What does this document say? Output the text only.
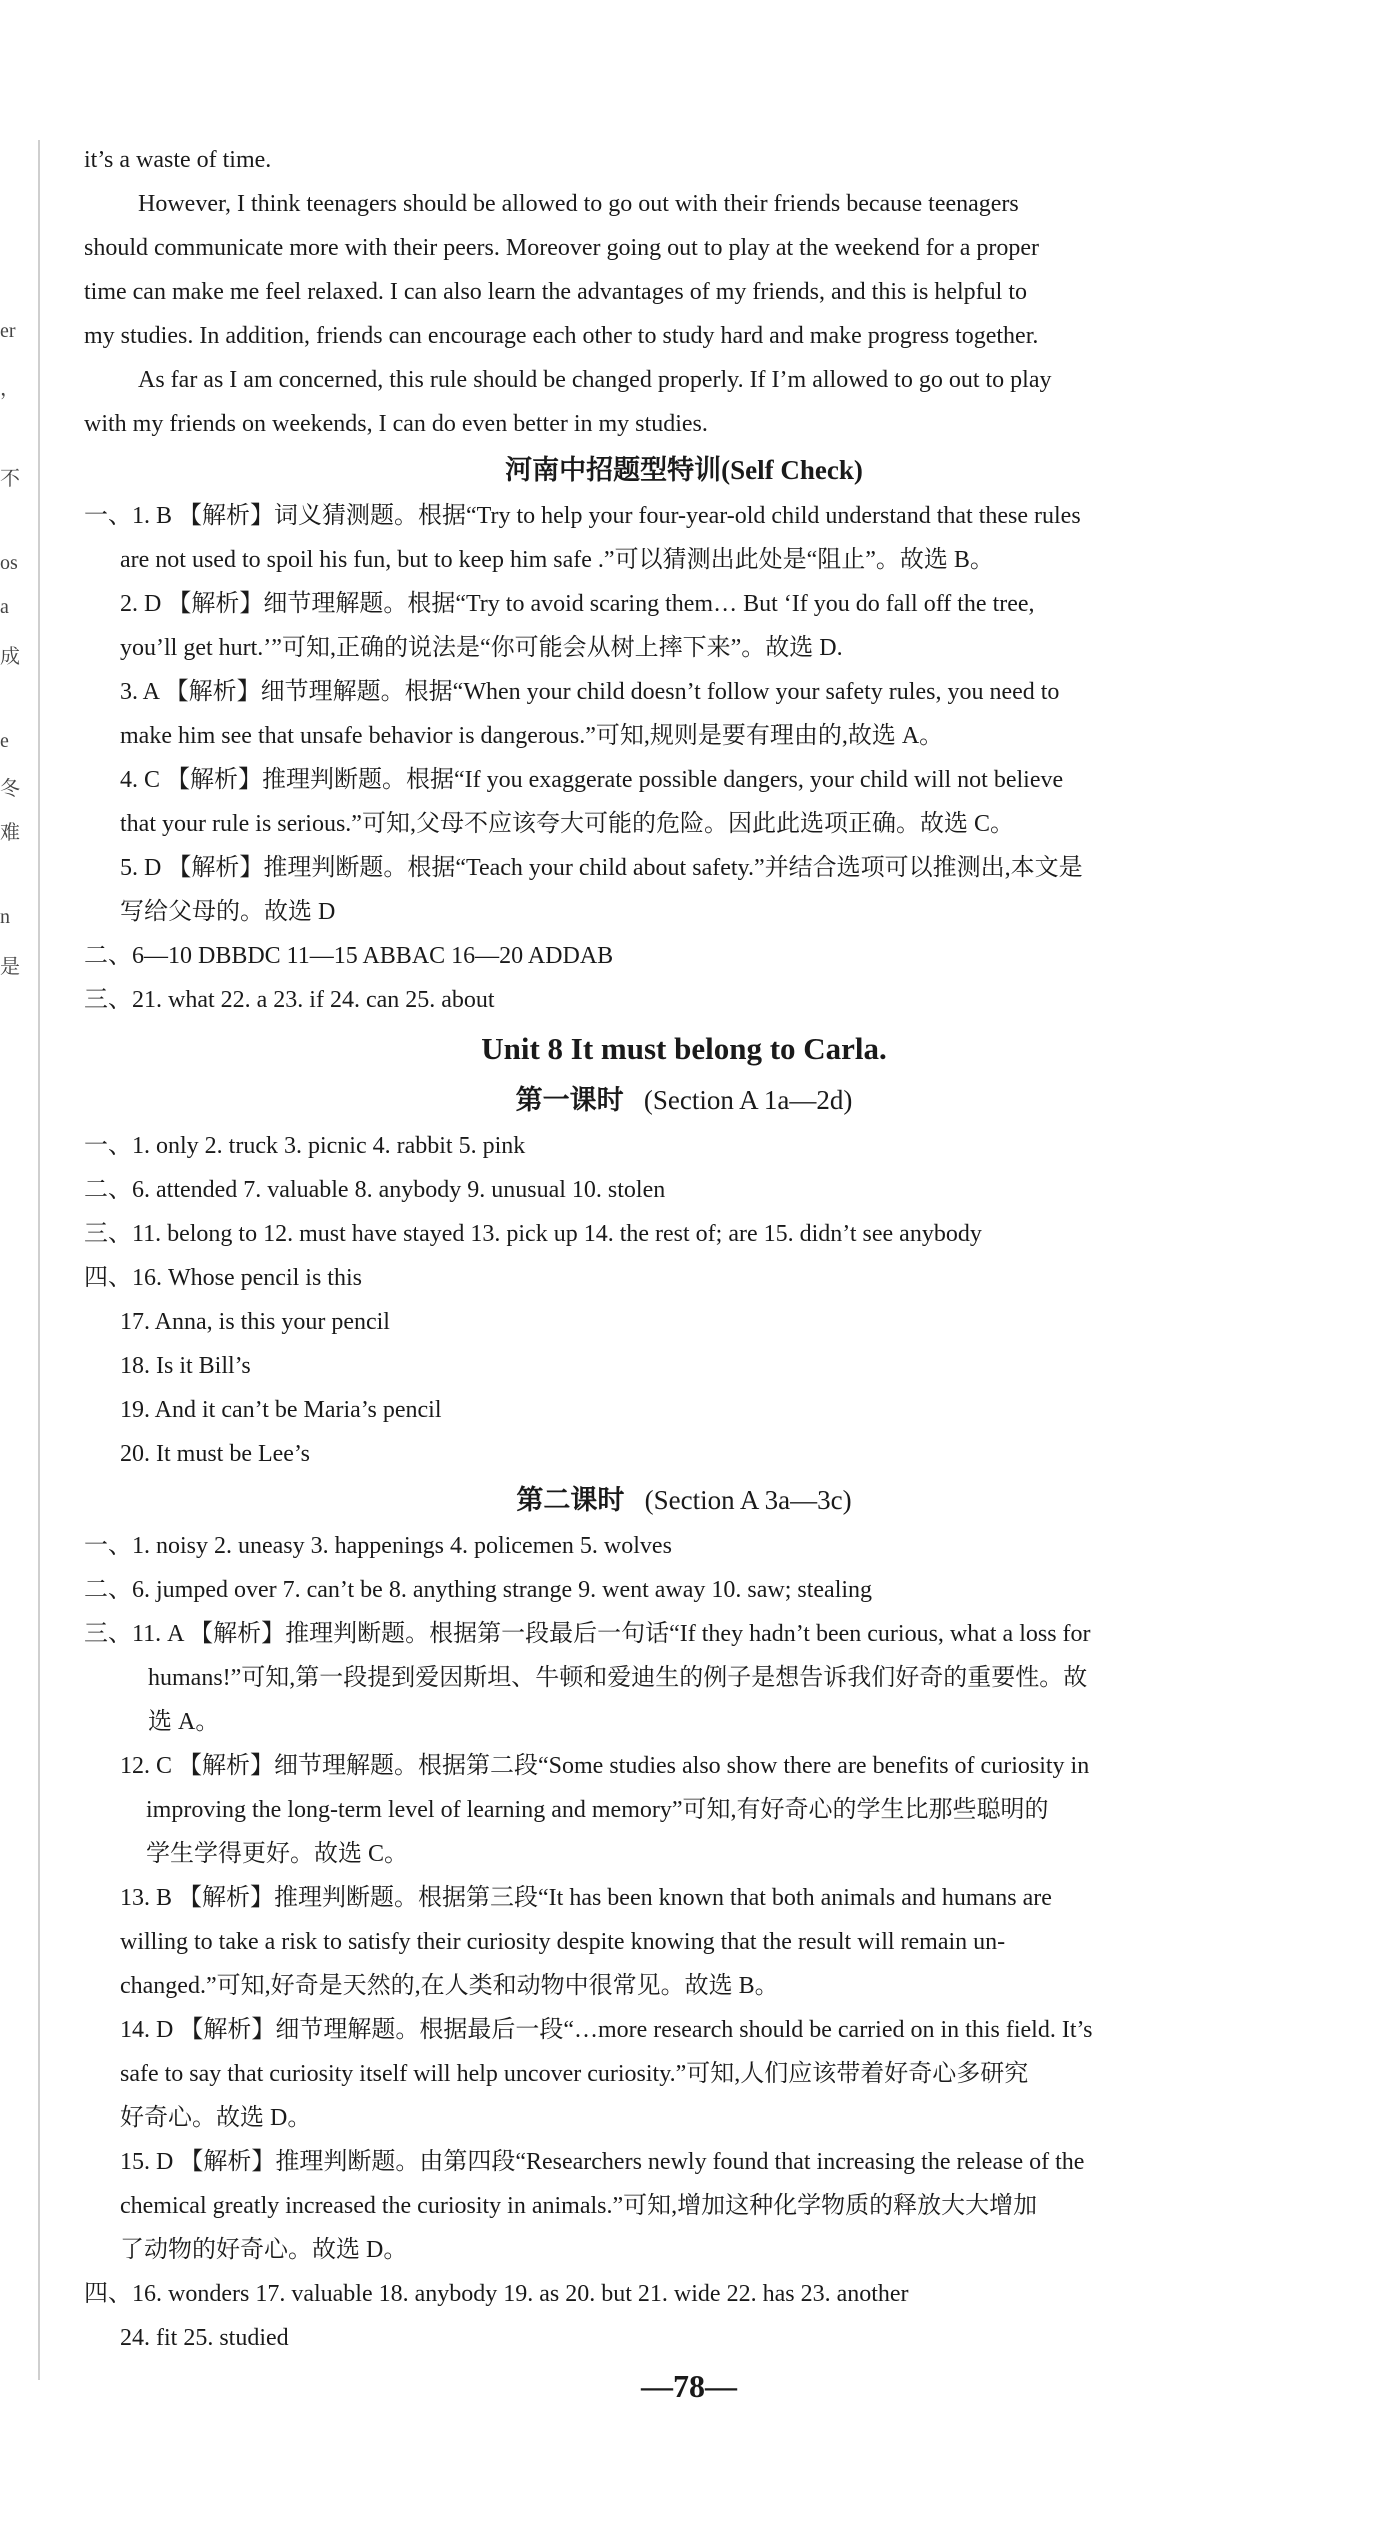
er
，
不
os
a
成
e
冬
难
n
是
it’s a waste of time.
However, I think teenagers should be allowed to go out with their friends because teenagers
should communicate more with their peers. Moreover going out to play at the weekend for a proper
time can make me feel relaxed. I can also learn the advantages of my friends, and this is helpful to
my studies. In addition, friends can encourage each other to study hard and make progress together.
As far as I am concerned, this rule should be changed properly. If I’m allowed to go out to play
with my friends on weekends, I can do even better in my studies.
河南中招题型特训(Self Check)
一、1. B 【解析】词义猜测题。根据“Try to help your four-year-old child understand that these rules
are not used to spoil his fun, but to keep him safe .”可以猜测出此处是“阻止”。故选 B。
2. D 【解析】细节理解题。根据“Try to avoid scaring them… But ‘If you do fall off the tree,
you’ll get hurt.’”可知,正确的说法是“你可能会从树上摔下来”。故选 D.
3. A 【解析】细节理解题。根据“When your child doesn’t follow your safety rules, you need to
make him see that unsafe behavior is dangerous.”可知,规则是要有理由的,故选 A。
4. C 【解析】推理判断题。根据“If you exaggerate possible dangers, your child will not believe
that your rule is serious.”可知,父母不应该夸大可能的危险。因此此选项正确。故选 C。
5. D 【解析】推理判断题。根据“Teach your child about safety.”并结合选项可以推测出,本文是
写给父母的。故选 D
二、6—10 DBBDC 11—15 ABBAC 16—20 ADDAB
三、21. what 22. a 23. if 24. can 25. about
Unit 8 It must belong to Carla.
第一课时 (Section A 1a—2d)
一、1. only 2. truck 3. picnic 4. rabbit 5. pink
二、6. attended 7. valuable 8. anybody 9. unusual 10. stolen
三、11. belong to 12. must have stayed 13. pick up 14. the rest of; are 15. didn’t see anybody
四、16. Whose pencil is this
17. Anna, is this your pencil
18. Is it Bill’s
19. And it can’t be Maria’s pencil
20. It must be Lee’s
第二课时 (Section A 3a—3c)
一、1. noisy 2. uneasy 3. happenings 4. policemen 5. wolves
二、6. jumped over 7. can’t be 8. anything strange 9. went away 10. saw; stealing
三、11. A 【解析】推理判断题。根据第一段最后一句话“If they hadn’t been curious, what a loss for
humans!”可知,第一段提到爱因斯坦、牛顿和爱迪生的例子是想告诉我们好奇的重要性。故
选 A。
12. C 【解析】细节理解题。根据第二段“Some studies also show there are benefits of curiosity in
improving the long-term level of learning and memory”可知,有好奇心的学生比那些聪明的
学生学得更好。故选 C。
13. B 【解析】推理判断题。根据第三段“It has been known that both animals and humans are
willing to take a risk to satisfy their curiosity despite knowing that the result will remain un-
changed.”可知,好奇是天然的,在人类和动物中很常见。故选 B。
14. D 【解析】细节理解题。根据最后一段“…more research should be carried on in this field. It’s
safe to say that curiosity itself will help uncover curiosity.”可知,人们应该带着好奇心多研究
好奇心。故选 D。
15. D 【解析】推理判断题。由第四段“Researchers newly found that increasing the release of the
chemical greatly increased the curiosity in animals.”可知,增加这种化学物质的释放大大增加
了动物的好奇心。故选 D。
四、16. wonders 17. valuable 18. anybody 19. as 20. but 21. wide 22. has 23. another
24. fit 25. studied
—78—
